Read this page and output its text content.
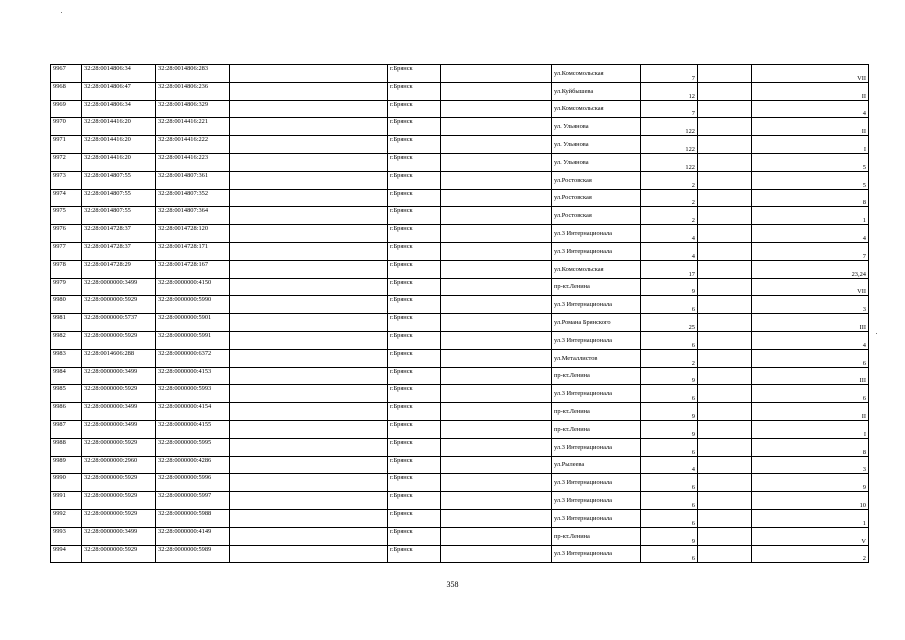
9967	32:28:0014806:34	32:28:0014806:283		г.Брянск		ул.Комсомольская	7		VII
9968	32:28:0014806:47	32:28:0014806:236		г.Брянск		ул.Куйбышева	12		II
9969	32:28:0014806:34	32:28:0014806:329		г.Брянск		ул.Комсомольская	7		4
9970	32:28:0014416:20	32:28:0014416:221		г.Брянск		ул. Ульянова	122		II
9971	32:28:0014416:20	32:28:0014416:222		г.Брянск		ул. Ульянова	122		I
9972	32:28:0014416:20	32:28:0014416:223		г.Брянск		ул. Ульянова	122		5
9973	32:28:0014807:55	32:28:0014807:361		г.Брянск		ул.Ростовская	2		5
9974	32:28:0014807:55	32:28:0014807:352		г.Брянск		ул.Ростовская	2		8
9975	32:28:0014807:55	32:28:0014807:364		г.Брянск		ул.Ростовская	2		1
9976	32:28:0014728:37	32:28:0014728:120		г.Брянск		ул.3 Интернационала	4		4
9977	32:28:0014728:37	32:28:0014728:171		г.Брянск		ул.3 Интернационала	4		7
9978	32:28:0014728:29	32:28:0014728:167		г.Брянск		ул.Комсомольская	17		23,24
9979	32:28:0000000:3499	32:28:0000000:4150		г.Брянск		пр-кт.Ленина	9		VII
9980	32:28:0000000:5929	32:28:0000000:5990		г.Брянск		ул.3 Интернационала	6		3
9981	32:28:0000000:5737	32:28:0000000:5901		г.Брянск		ул.Романа Брянского	25		III
9982	32:28:0000000:5929	32:28:0000000:5991		г.Брянск		ул.3 Интернационала	6		4
9983	32:28:0014606:288	32:28:0000000:6372		г.Брянск		ул.Металлистов	2		6
9984	32:28:0000000:3499	32:28:0000000:4153		г.Брянск		пр-кт.Ленина	9		III
9985	32:28:0000000:5929	32:28:0000000:5993		г.Брянск		ул.3 Интернационала	6		6
9986	32:28:0000000:3499	32:28:0000000:4154		г.Брянск		пр-кт.Ленина	9		II
9987	32:28:0000000:3499	32:28:0000000:4155		г.Брянск		пр-кт.Ленина	9		I
9988	32:28:0000000:5929	32:28:0000000:5995		г.Брянск		ул.3 Интернационала	6		8
9989	32:28:0000000:2960	32:28:0000000:4286		г.Брянск		ул.Рылеева	4		3
9990	32:28:0000000:5929	32:28:0000000:5996		г.Брянск		ул.3 Интернационала	6		9
9991	32:28:0000000:5929	32:28:0000000:5997		г.Брянск		ул.3 Интернационала	6		10
9992	32:28:0000000:5929	32:28:0000000:5988		г.Брянск		ул.3 Интернационала	6		1
9993	32:28:0000000:3499	32:28:0000000:4149		г.Брянск		пр-кт.Ленина	9		V
9994	32:28:0000000:5929	32:28:0000000:5989		г.Брянск		ул.3 Интернационала	6		2
358
